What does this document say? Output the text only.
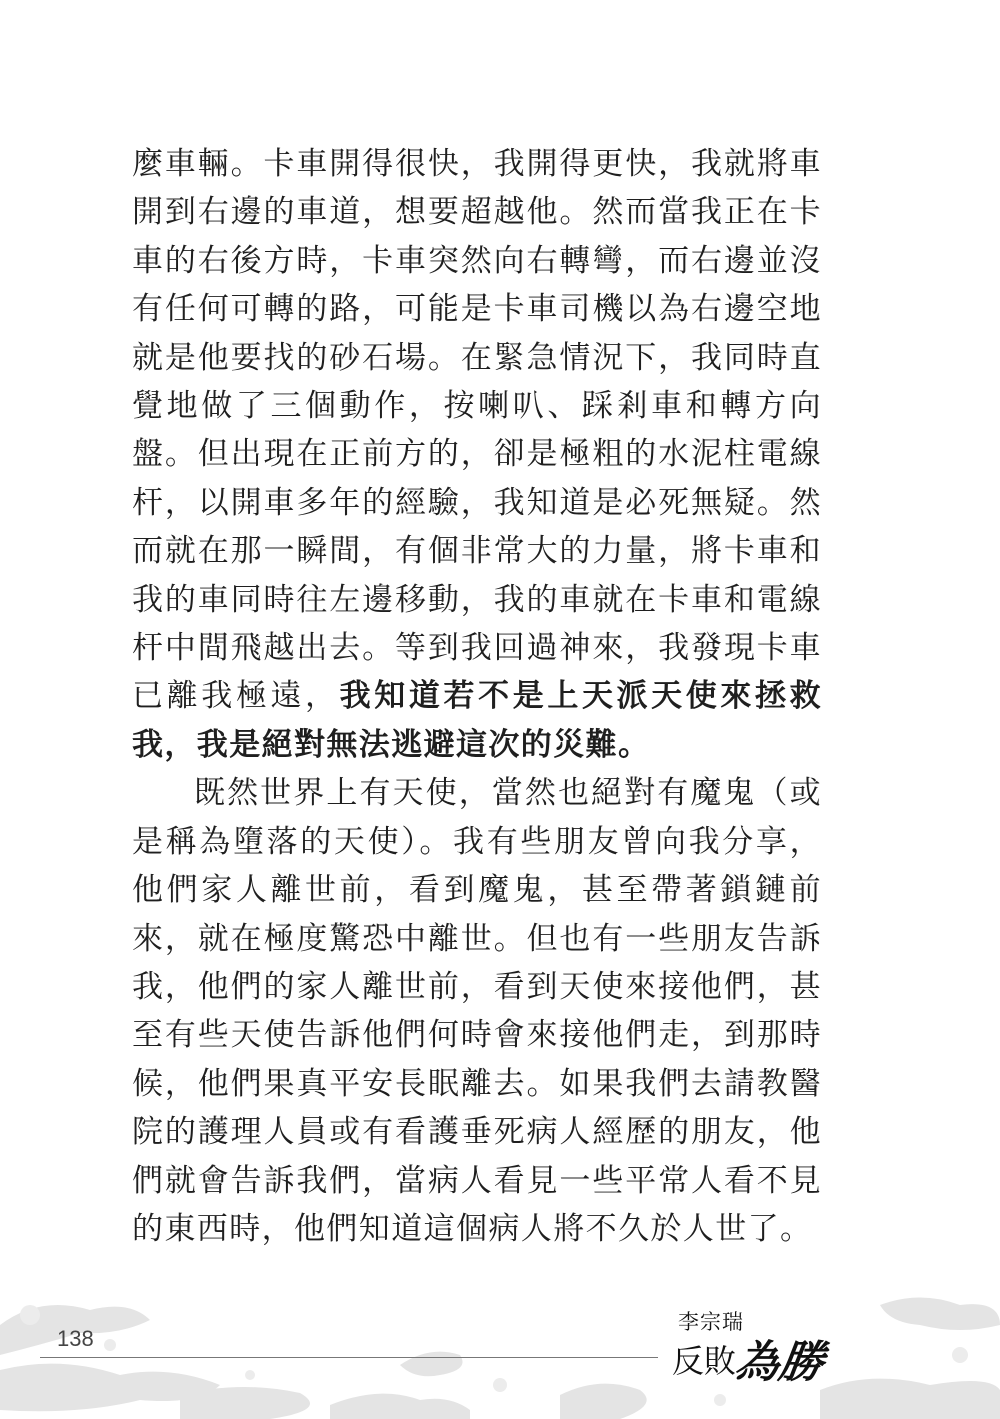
麼車輛。卡車開得很快，我開得更快，我就將車開到右邊的車道，想要超越他。然而當我正在卡車的右後方時，卡車突然向右轉彎，而右邊並沒有任何可轉的路，可能是卡車司機以為右邊空地就是他要找的砂石場。在緊急情況下，我同時直覺地做了三個動作，按喇叭、踩剎車和轉方向盤。但出現在正前方的，卻是極粗的水泥柱電線杆，以開車多年的經驗，我知道是必死無疑。然而就在那一瞬間，有個非常大的力量，將卡車和我的車同時往左邊移動，我的車就在卡車和電線杆中間飛越出去。等到我回過神來，我發現卡車已離我極遠，我知道若不是上天派天使來拯救我，我是絕對無法逃避這次的災難。

既然世界上有天使，當然也絕對有魔鬼（或是稱為墮落的天使）。我有些朋友曾向我分享，他們家人離世前，看到魔鬼，甚至帶著鎖鏈前來，就在極度驚恐中離世。但也有一些朋友告訴我，他們的家人離世前，看到天使來接他們，甚至有些天使告訴他們何時會來接他們走，到那時候，他們果真平安長眠離去。如果我們去請教醫院的護理人員或有看護垂死病人經歷的朋友，他們就會告訴我們，當病人看見一些平常人看不見的東西時，他們知道這個病人將不久於人世了。

138
李宗瑞
反敗
為勝
